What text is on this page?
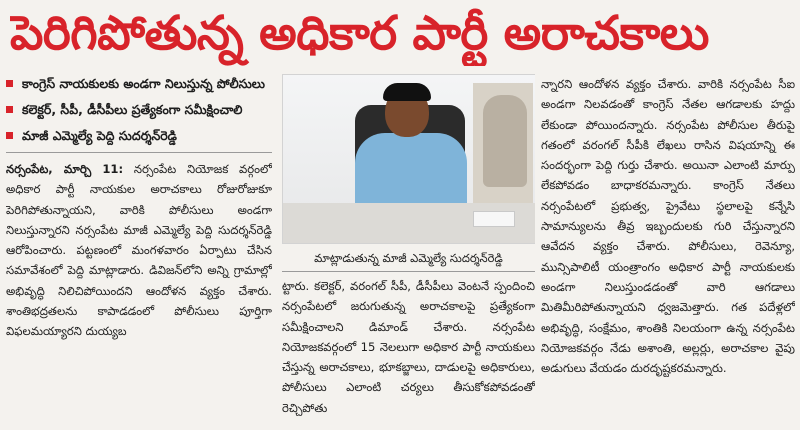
పెరిగిపోతున్న అధికార పార్టీ అరాచకాలు
కాంగ్రెస్ నాయకులకు అండగా నిలుస్తున్న పోలీసులు
కలెక్టర్, సీపీ, డీసీపీలు ప్రత్యేకంగా సమీక్షించాలి
మాజీ ఎమ్మెల్యే పెద్ది సుదర్శన్‌రెడ్డి

నర్సంపేట, మార్చి 11: నర్సంపేట నియోజక వర్గంలో అధికార పార్టీ నాయకుల అరాచకాలు రోజురోజుకూ పెరిగిపోతున్నాయని, వారికి పోలీసులు అండగా నిలుస్తున్నారని నర్సంపేట మాజీ ఎమ్మెల్యే పెద్ది సుదర్శన్‌రెడ్డి ఆరోపించారు. పట్టణంలో మంగళవారం ఏర్పాటు చేసిన సమావేశంలో పెద్ది మాట్లాడారు. డివిజన్‌లోని అన్ని గ్రామాల్లో అభివృద్ధి నిలిచిపోయిందని ఆందోళన వ్యక్తం చేశారు. శాంతిభద్రతలను కాపాడడంలో పోలీసులు పూర్తిగా విఫలమయ్యారని దుయ్యబ

మాట్లాడుతున్న మాజీ ఎమ్మెల్యే సుదర్శన్‌రెడ్డి

ట్టారు. కలెక్టర్, వరంగల్ సీపీ, డీసీపీలు వెంటనే స్పందించి నర్సంపేటలో జరుగుతున్న అరాచకాలపై ప్రత్యేకంగా సమీక్షించాలని డిమాండ్ చేశారు. నర్సంపేట నియోజకవర్గంలో 15 నెలలుగా అధికార పార్టీ నాయకులు చేస్తున్న అరాచకాలు, భూకబ్జాలు, దాడులపై అధికారులు, పోలీసులు ఎలాంటి చర్యలు తీసుకోకపోవడంతో రెచ్చిపోతు

న్నారని ఆందోళన వ్యక్తం చేశారు. వారికి నర్సంపేట సీఐ అండగా నిలవడంతో కాంగ్రెస్ నేతల ఆగడాలకు హద్దు లేకుండా పోయిందన్నారు. నర్సంపేట పోలీసుల తీరుపై గతంలో వరంగల్ సీపీకి లేఖలు రాసిన విషయాన్ని ఈ సందర్భంగా పెద్ది గుర్తు చేశారు. అయినా ఎలాంటి మార్పు లేకపోవడం బాధాకరమన్నారు. కాంగ్రెస్ నేతలు నర్సంపేటలో ప్రభుత్వ, ప్రైవేటు స్థలాలపై కన్నేసి సామాన్యులను తీవ్ర ఇబ్బందులకు గురి చేస్తున్నారని ఆవేదన వ్యక్తం చేశారు. పోలీసులు, రెవెన్యూ, మున్సిపాలిటీ యంత్రాంగం అధికార పార్టీ నాయకులకు అండగా నిలుస్తుండడంతో వారి ఆగడాలు మితిమీరిపోతున్నాయని ధ్వజమెత్తారు. గత పదేళ్లలో అభివృద్ధి, సంక్షేమం, శాంతికి నిలయంగా ఉన్న నర్సంపేట నియోజకవర్గం నేడు అశాంతి, అల్లర్లు, అరాచకాల వైపు అడుగులు వేయడం దురదృష్టకరమన్నారు.
